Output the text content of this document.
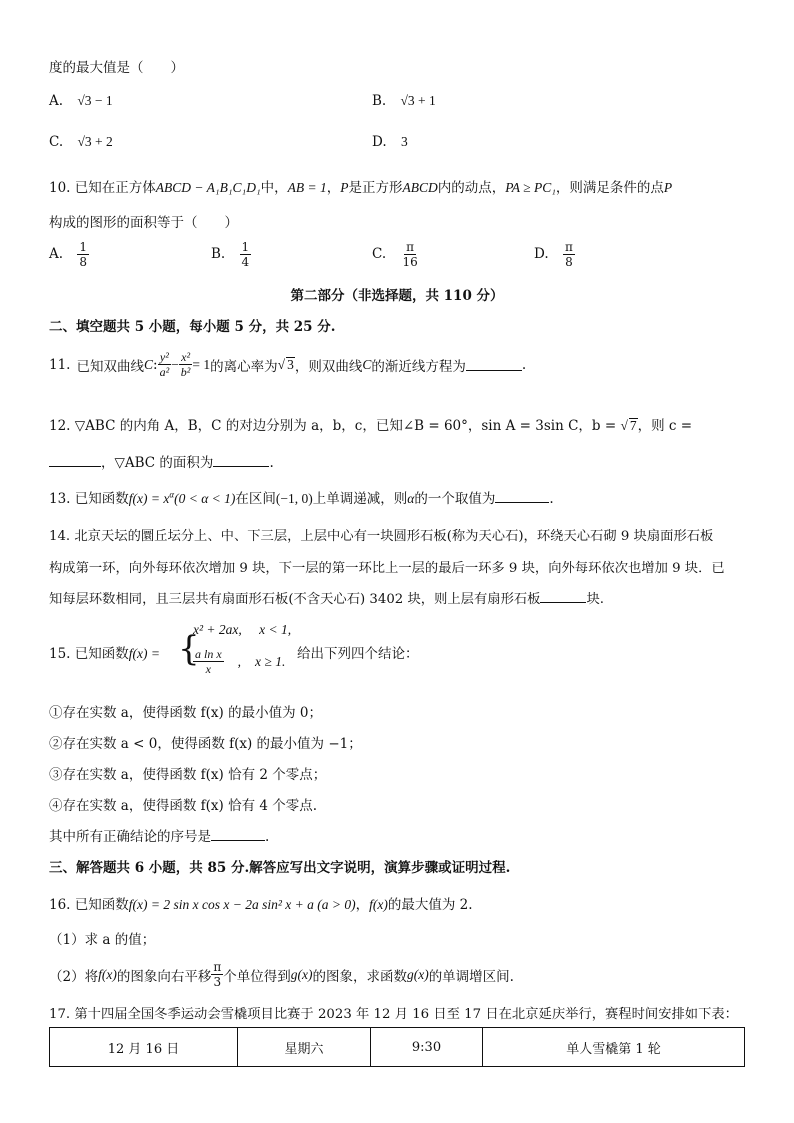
度的最大值是（　　）
A. √3 − 1	B. √3 + 1
C. √3 + 2	D. 3
10. 已知在正方体ABCD − A₁B₁C₁D₁中，AB = 1，P是正方形ABCD内的动点，PA ≥ PC₁，则满足条件的点P
构成的图形的面积等于（　　）
A. $\frac{1}{8}$	B. $\frac{1}{4}$	C. $\frac{\pi}{16}$	D. $\frac{\pi}{8}$
第二部分（非选择题，共 110 分）
二、填空题共 5 小题，每小题 5 分，共 25 分.
11. 已知双曲线 C : $\frac{\text{y²}}{\text{a²}} - \frac{\text{x²}}{\text{b²}} = 1$ 的离心率为 √ 3 ，则双曲线 C 的渐近线方程为	.
12. ▽ABC 的内角 A，B，C 的对边分别为 a，b，c，已知∠B = 60°，sin A = 3sin C，b = √ 7，则 c =
，▽ABC 的面积为	.
13. 已知函数$f(x) = x^\alpha(0 < \alpha < 1)$在区间(−1, 0)上单调递减，则α的一个取值为	.
14. 北京天坛的圜丘坛分上、中、下三层，上层中心有一块圆形石板(称为天心石)，环绕天心石砌 9 块扇面形石板
构成第一环，向外每环依次增加 9 块，下一层的第一环比上一层的最后一环多 9 块，向外每环依次也增加 9 块．已
知每层环数相同，且三层共有扇面形石板(不含天心石) 3402 块，则上层有扇形石板	块.
15. 已知函数f(x) = {
x² + 2ax, x < 1,
$\frac{\text{a ln x}}{x}$ , x ≥ 1. 给出下列四个结论：
①存在实数 a，使得函数 f(x) 的最小值为 0；
②存在实数 a < 0，使得函数 f(x) 的最小值为 −1；
③存在实数 a，使得函数 f(x) 恰有 2 个零点；
④存在实数 a，使得函数 f(x) 恰有 4 个零点.
其中所有正确结论的序号是	.
三、解答题共 6 小题，共 85 分.解答应写出文字说明，演算步骤或证明过程.
16. 已知函数f(x) = 2 sin x cos x − 2a sin² x + a (a > 0)，f(x)的最大值为 2.
（1）求 a 的值；
（2）将 f(x) 的图象向右平移 $\frac{\pi}{3}$ 个单位得到 g(x) 的图象，求函数 g(x) 的单调增区间.
17. 第十四届全国冬季运动会雪橇项目比赛于 2023 年 12 月 16 日至 17 日在北京延庆举行，赛程时间安排如下表：
12 月 16 日	星期六	9:30	单人雪橇第 1 轮
